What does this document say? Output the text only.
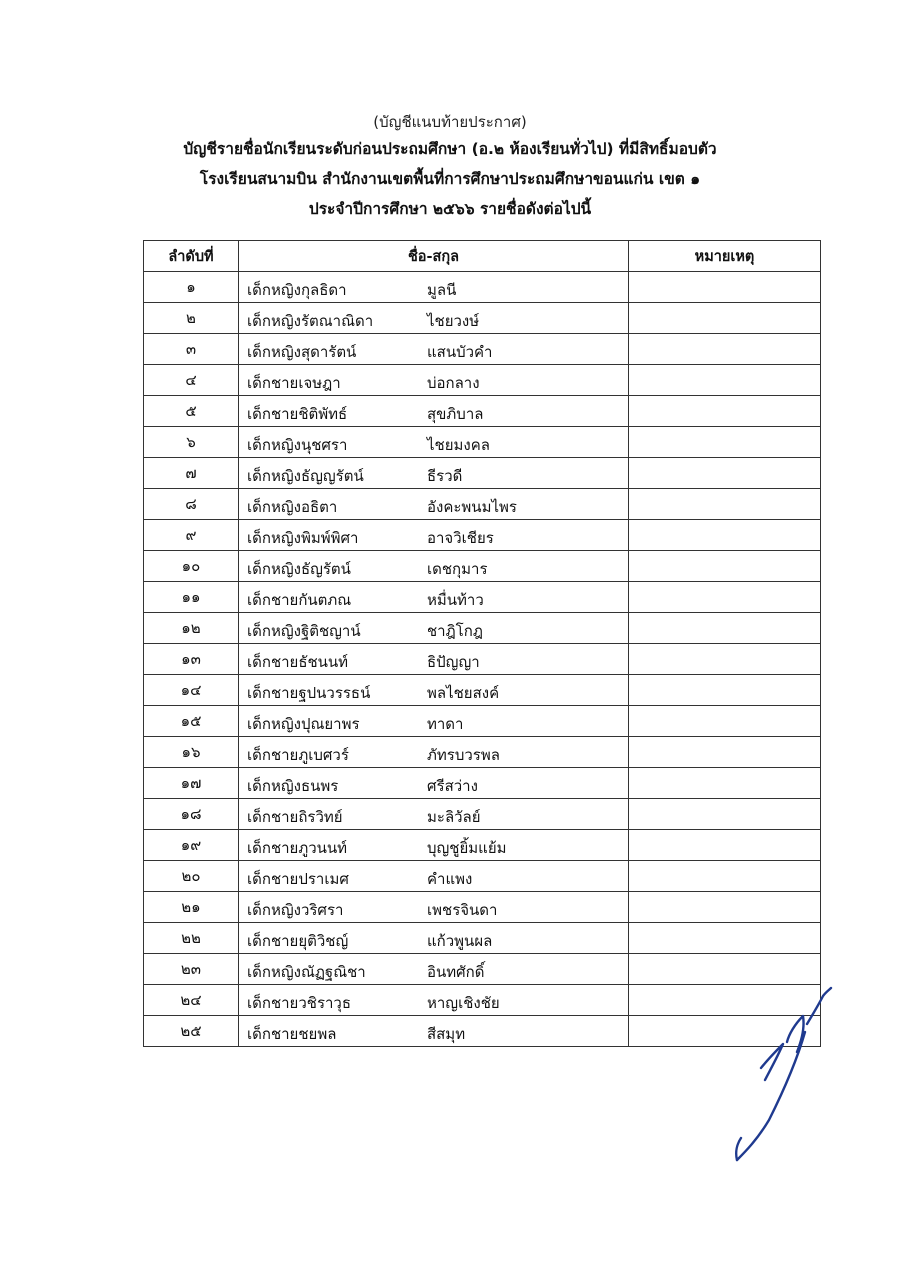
(บัญชีแนบท้ายประกาศ)
บัญชีรายชื่อนักเรียนระดับก่อนประถมศึกษา (อ.๒ ห้องเรียนทั่วไป) ที่มีสิทธิ์มอบตัว
โรงเรียนสนามบิน สำนักงานเขตพื้นที่การศึกษาประถมศึกษาขอนแก่น เขต ๑
ประจำปีการศึกษา ๒๕๖๖ รายชื่อดังต่อไปนี้
ลำดับที่	ชื่อ-สกุล	หมายเหตุ
๑	เด็กหญิงกุลธิดา มูลนี	

๒	เด็กหญิงรัตณาณิดา ไชยวงษ์	

๓	เด็กหญิงสุดารัตน์ แสนบัวคำ	

๔	เด็กชายเจษฎา บ่อกลาง	

๕	เด็กชายชิติพัทธ์ สุขภิบาล	

๖	เด็กหญิงนุชศรา ไชยมงคล	

๗	เด็กหญิงธัญญรัตน์ ธีรวดี	

๘	เด็กหญิงอธิตา อังคะพนมไพร	

๙	เด็กหญิงพิมพ์พิศา อาจวิเชียร	

๑๐	เด็กหญิงธัญรัตน์ เดชกุมาร	

๑๑	เด็กชายกันตภณ หมื่นท้าว	

๑๒	เด็กหญิงฐิติชญาน์ ชาฎิโกฎ	

๑๓	เด็กชายธัชนนท์ ธิปัญญา	

๑๔	เด็กชายฐปนวรรธน์ พลไชยสงค์	

๑๕	เด็กหญิงปุณยาพร ทาดา	

๑๖	เด็กชายภูเบศวร์ ภัทรบวรพล	

๑๗	เด็กหญิงธนพร ศรีสว่าง	

๑๘	เด็กชายถิรวิทย์ มะลิวัลย์	

๑๙	เด็กชายภูวนนท์ บุญชูยิ้มแย้ม	

๒๐	เด็กชายปราเมศ คำแพง	

๒๑	เด็กหญิงวริศรา เพชรจินดา	

๒๒	เด็กชายยุติวิชญ์ แก้วพูนผล	

๒๓	เด็กหญิงณัฏฐณิชา อินทศักดิ์	

๒๔	เด็กชายวชิราวุธ หาญเชิงชัย	

๒๕	เด็กชายชยพล สีสมุท	
